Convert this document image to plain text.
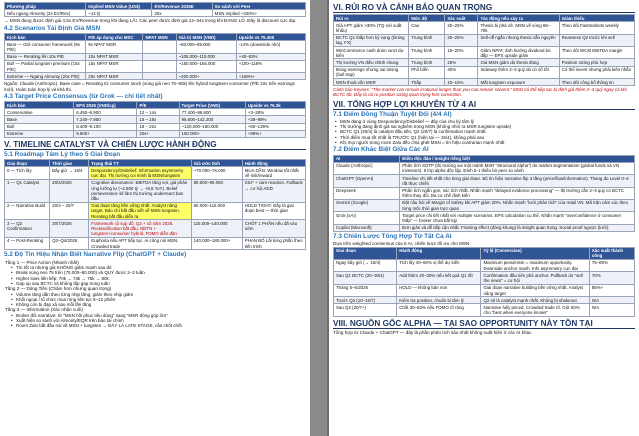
Phương pháp	Implied MSN Value (US$)	EV/Revenue 2026E	So sánh với Peer
Nếu ngang Almonty (2x EV/Rev)	~14 tỷ	20x	MSN implied +340%+
→ MSN đang được định giá 4,5x EV/Revenue trong khi đang LÃI. Các peer được định giá 12–34x trong khi ĐANG LỖ. Đây là discount cực đại.
4.2 Scenarios Tái Định Giá MSN
Kịch bản	P/E áp dụng cho MSC	NPAT MSN	Giá trị MSN (VND)	Upside vs 75.300
Bear — Giữ consumer framework (9x P/E)	9x NPAT MSR		~80.000–85.000	-14% (downside nhỏ)
Base — Rerating lên 10x P/E	10x NPAT MSR		~105.000–115.000	+40–53%
Bull — Partial tungsten premium (15x P/E)	15x NPAT MSR		~150.000–165.000	+100–119%
Extreme — Ngang Almonty (20x P/E)	20x NPAT MSR		~200.000+	+166%+
Nguồn: Claude (Anthropic). Base case = Rerating từ consumer stock (vùng giá neo 70–80k) lên hybrid tungsten+consumer (P/E 10x trên earnings mới). Hoàn toàn hợp lý và khả thi.
4.3 Target Price Consensus (từ Grok — chi tiết nhất)
Kịch bản	EPS 2026 (VND/cp)	P/E	Target Price (VND)	Upside vs 75.3k
Conservative	6.450–6.900	12 – 14x	77.400–96.600	+3–28%
Base	7.240–7.950	15 – 18x	96.600–142.200	+28–89%
Bull	8.400–9.100	18 – 22x	~120.000–180.000	+60–139%
Extreme	9.800+	20x+	150.000+	+99%+
V. TIMELINE CATALYST VÀ CHIẾN LƯỢC HÀNH ĐỘNG
5.1 Roadmap Tâm Lý theo 5 Giai Đoạn
Giai đoạn	Thời gian	Trạng thái TT	Giá ước tính	Hành động
0 — Tích lũy	Bây giờ → 15/4	Despondency/Disbelief: Information asymmetry cực đại. Thị trường coi mình là MSN/tungsten	~70.000–76.000	MUA DẦN. Window tốt nhất về risk/reward
1 — Q1 Catalyst	20/4/2026	Cognitive dissonance: EBITDA tăng vọt, giá phản ứng lưỡng lự (~2.600 tỷ → +8,5 YoY). Belief perseverance sẽ làm thị trường underreact ban đầu	80.000–90.000	SIU* + cam reaction. Fullback → cơ hội ADD
2 — Narrative Build	20/4 – 20/7	Giai đoạn tăng bền vững nhất. Analyst nâng target. Báo chí bắt đầu viết về MSN tungsten. Rerating bắt đầu diễn ra	90.000–115.000	HOLD TIGHT. Đây là giai đoạn best — thời gian
3 — Q2 Confirmation	20/7/2026	Framework cũ sụp đổ. Q2 + số năm 2025. Reclassification bắt đầu. NĐTN + tungsten+consumer hybrid. FOMO diễn đàn	115.000–140.000	CHỐT 1 PHẦN nếu đã vào sớm
4 — Post-Rerating	Q3–Q4/2026	Euphoria nếu APT tiếp tục. Ai cũng nói MSN. Crowded trade	140.000–180.000+	PHAN BỐ Lãi từng phần theo tiến trình
5.2 Độ Tin Hiệu Nhận Biết Narrative Flip (ChatGPT + Claude)
Tầng 1 — Price Action (Nhanh nhất)
• Tín tốt ra nhưng giá KHÔNG giảm mạnh sau đó
• Break vùng neo 75 trên (75.000–80.000) và QUÝ được 2–3 tuần
• Higher lows liên tiếp: 70k → 73k → 75k → 80k
• Gap up sau BCTC và không lấp gap trong tuần
Tầng 2 — Dòng Tiền (Chậm hơn nhưng quan trọng)
• Volume tăng dần theo từng nhịp tăng, giảm theo nhịp giảm
• Khối ngoại / tổ chức mua ròng liên tục 5–10 phiên
• Không còn bị đạp xả sau mỗi lần tăng
Tầng 3 — Information (Xác nhận cuối)
• Broker đổi narrative: từ "MSN hồi phục tiêu dùng" sang "MSR đóng góp lớn"
• Xuất hiện so sánh với Almonty/EQR trên báo tài chính
• Room Zalo bắt đầu nói về MSN + tungsten → ĐÂY LÀ LATE STAGE, cần chốt chốt
VI. RỦI RO VÀ CẢNH BÁO QUAN TRỌNG
Rủi ro	Mức độ	Xác suất	Tác động nếu xảy ra	Giảm thiểu
Giá APT giảm >30% (TQ nới xuất khẩu)	Cao	20–25%	Thesis bị phá vỡ. MSN về vùng 65–70k	Theo dõi Fastmarkets weekly
BCTC Q1 thấp hơn kỳ vọng (timing lag, FX)	Trung bình	20–25%	Sell-off ngắn nhưng thesis vẫn nguyên	Reassess Q2 trước khi sell
WinCommerce cash drain vượt dự kiến	Trung bình	15–20%	Giảm NPAT, ảnh hưởng dividend bù đắp — EPS upside giảm	Theo dõi WCM EBITDA margin
Thị trường VN điều chỉnh chung	Trung bình	25%	Giá MSN giảm dù thesis đúng	Position sizing phù hợp
Đúng earnings nhưng sai timing (bull trap)	Phổ biến	40%	Sideway thêm 2–3 quý dù có số tốt	Có thể invest nhưng phải kiên nhẫn
MSN thoái vốn MSR	Thấp	10–15%	Mất tungsten exposure	Theo dõi công bố thông tin
Cảnh báo Keynes: "The market can remain irrational longer than you can remain solvent." MSN có thể tiếp tục bị định giá thêm 2–3 quý ngay cả khi BCTC tốt. Đây là rủi ro position sizing quan trọng hơn conviction.
VII. TỔNG HỢP LỢI KHUYÊN TỪ 4 AI
7.1 Điểm Đồng Thuận Tuyệt Đối (4/4 AI)
• MSN đang ở vùng Despondency/Disbelief — đây của chu kỳ tâm lý
• Thị trường đang định giá sai nghiêm trọng MSN (không nhìn ra MSR tungsten upside)
• BCTC Q1 (20/4) là catalyst đầu tiên, Q2 (20/7) là confirmation mạnh nhất
• Thời điểm mua tốt nhất là TRƯỚC Q1 (hiện tại — 15/4), không phải sau
• Khi mọi người trong room Zalo đều chia ghét MSN = tín hiệu contrarian mạnh nhất
7.2 Điểm Khác Biệt Giữa Các AI
AI	Điểm độc đáo / Insight riêng biệt
Claude (Anthropic)	Phân tích SOTP (thị trường sai một mảnh MSR "Structural Alpha") do market segmentation (global funds và VN investors). 5 lớp alpha độc lập. Đính 5-1 thiếu bù peer so sánh
ChatGPT (OpenAI)	Timeline chi tiết nhất cho từng giai đoạn. Bộ tín hiệu narrative flip 3 tầng (price/flow/information). Thang đo Level 0–4 rất thực chiến
Deepseek	Phân tích ngắn gọn, súc tích nhất. Nhấn mạnh "delayed evidence processing" — thị trường cần 2–3 quý có BCTC thêm thay đổi. Ba cơ chế định kiến
Gemini (Google)	Đặt câu hỏi về Margin of Safety khi APT giảm 20%. Nhấn mạnh "lười phân tích" của retail VN. Mã trận cảm xúc theo từng mốc thời gian trực quan
Grok (xAI)	Target price chi tiết nhất với multiple scenarios. EPS calculation cụ thể. Nhấn mạnh "overconfidence ở consumer thấp" — broker chưa bắt kịp
Copilot (Microsoft)	Đơn giản và dễ tiếp cận nhất. Framing effect (đóng khung) là insight quan trọng. Social proof ngược (lười)
7.3 Chiến Lược Tổng Hợp Từ Tất Cả AI
Dựa trên weighted consensus của 6 AI, chiến lược tối ưu cho MSN:
Giai đoạn	Hành động	Tỷ lệ (Conversion)	Xác suất thành công
Ngay bây giờ (→ 15/4)	Tích lũy 40–60% vị thế dự kiến	Maximum pessimism = maximum opportunity. Downside anchor mạnh. Info asymmetry cực đại	75–80%
Sau Q1 BCTC (20–30/4)	Add thêm 20–30% nếu kết quả Q1 tốt	Confirmation đầu tiên phá anchor. Pullback do "sell the news" = cơ hội	70%
Tháng 5–6/2026	HOLD — không bán non	Giai đoạn narrative building bền vững nhất. Analyst nâng target	85%+
Trước Q2 (10–15/7)	Kiểm tra position, chuẩn bị tâm lý	Q2 sẽ là catalyst mạnh nhất. Không bị shakeout	N/A
Sau Q2 (20/7+)	Chốt 30–50% nếu FOMO rõ ràng	Narrative fully priced. Crowded trade rõ. Giữ 50% cho "best when everyone knows"	N/A
VIII. NGUỒN GỐC ALPHA — TẠI SAO OPPORTUNITY NÀY TỒN TẠI
Tổng hợp từ Claude + ChatGPT — đây là phần phân tích sâu nhất không xuất hiện ở các AI khác
